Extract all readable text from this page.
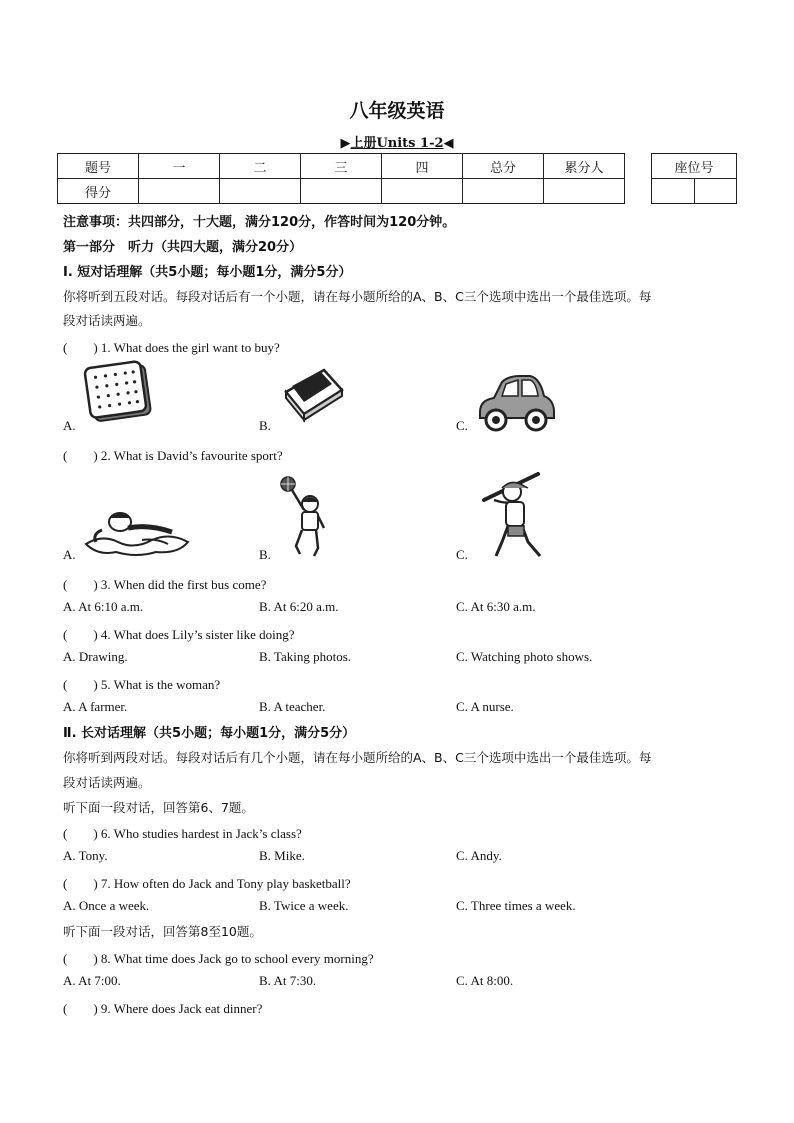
八年级英语
▶上册Units 1-2◀
题号	一	二	三	四	总分	累分人
得分						
座位号

注意事项：共四部分，十大题，满分120分，作答时间为120分钟。
第一部分　听力（共四大题，满分20分）
Ⅰ. 短对话理解（共5小题；每小题1分，满分5分）
你将听到五段对话。每段对话后有一个小题，请在每小题所给的A、B、C三个选项中选出一个最佳选项。每
段对话读两遍。
(　　) 1. What does the girl want to buy?
A.	B.	C.
(　　) 2. What is David’s favourite sport?
A.	B.	C.
(　　) 3. When did the first bus come?
A. At 6:10 a.m.	B. At 6:20 a.m.	C. At 6:30 a.m.
(　　) 4. What does Lily’s sister like doing?
A. Drawing.	B. Taking photos.	C. Watching photo shows.
(　　) 5. What is the woman?
A. A farmer.	B. A teacher.	C. A nurse.
Ⅱ. 长对话理解（共5小题；每小题1分，满分5分）
你将听到两段对话。每段对话后有几个小题，请在每小题所给的A、B、C三个选项中选出一个最佳选项。每
段对话读两遍。
听下面一段对话，回答第6、7题。
(　　) 6. Who studies hardest in Jack’s class?
A. Tony.	B. Mike.	C. Andy.
(　　) 7. How often do Jack and Tony play basketball?
A. Once a week.	B. Twice a week.	C. Three times a week.
听下面一段对话，回答第8至10题。
(　　) 8. What time does Jack go to school every morning?
A. At 7:00.	B. At 7:30.	C. At 8:00.
(　　) 9. Where does Jack eat dinner?
